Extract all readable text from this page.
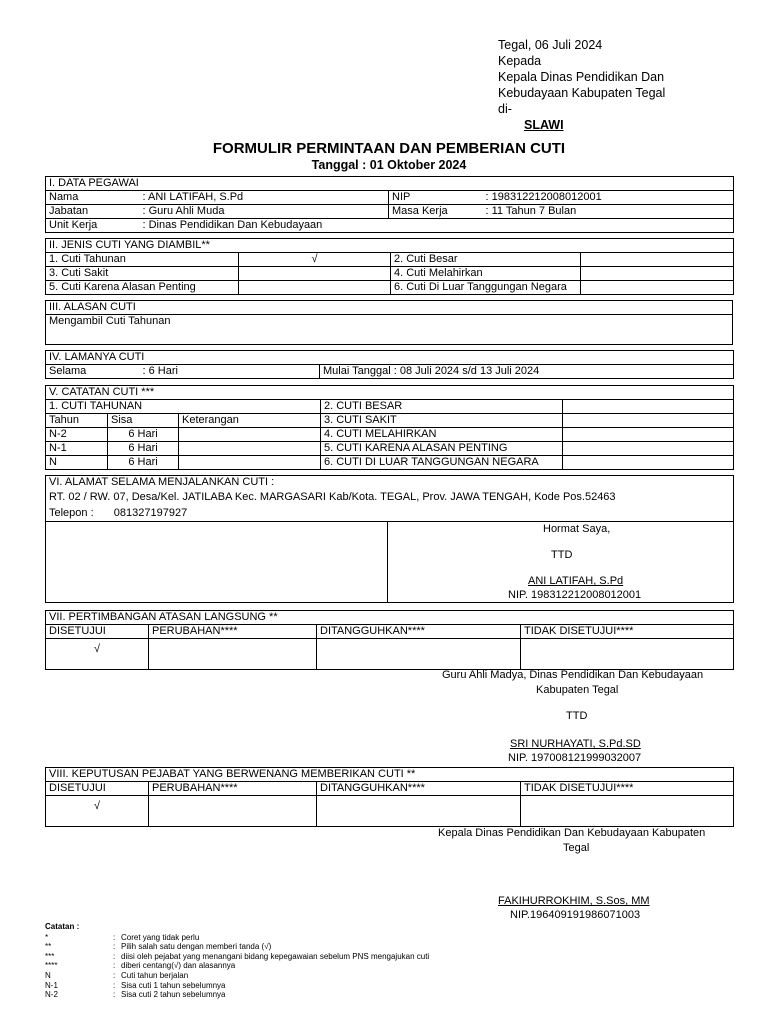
Tegal, 06 Juli 2024
Kepada
Kepala Dinas Pendidikan Dan
Kebudayaan Kabupaten Tegal
di-
SLAWI
FORMULIR PERMINTAAN DAN PEMBERIAN CUTI
Tanggal : 01 Oktober 2024
I. DATA PEGAWAI			
Nama	: ANI LATIFAH, S.Pd	NIP	: 198312212008012001
Jabatan	: Guru Ahli Muda	Masa Kerja	: 11 Tahun 7 Bulan
Unit Kerja	: Dinas Pendidikan Dan Kebudayaan		
II. JENIS CUTI YANG DIAMBIL**			
1. Cuti Tahunan	√	2. Cuti Besar	
3. Cuti Sakit		4. Cuti Melahirkan	
5. Cuti Karena Alasan Penting		6. Cuti Di Luar Tanggungan Negara	
III. ALASAN CUTI
Mengambil Cuti Tahunan
IV. LAMANYA CUTI
Selama	: 6 Hari	Mulai Tanggal : 08 Juli 2024 s/d 13 Juli 2024
V. CATATAN CUTI ***				
1. CUTI TAHUNAN			2. CUTI BESAR	
Tahun	Sisa	Keterangan	3. CUTI SAKIT	
N-2	6 Hari		4. CUTI MELAHIRKAN	
N-1	6 Hari		5. CUTI KARENA ALASAN PENTING	
N	6 Hari		6. CUTI DI LUAR TANGGUNGAN NEGARA	
VI. ALAMAT SELAMA MENJALANKAN CUTI :
RT. 02 / RW. 07, Desa/Kel. JATILABA Kec. MARGASARI Kab/Kota. TEGAL, Prov. JAWA TENGAH, Kode Pos.52463
Telepon : 081327197927

Hormat Saya,
TTD
ANI LATIFAH, S.Pd
NIP. 198312212008012001
VII. PERTIMBANGAN ATASAN LANGSUNG **			
DISETUJUI	PERUBAHAN****	DITANGGUHKAN****	TIDAK DISETUJUI****
√			
Guru Ahli Madya, Dinas Pendidikan Dan Kebudayaan
Kabupaten Tegal
TTD
SRI NURHAYATI, S.Pd.SD
NIP. 197008121999032007
VIII. KEPUTUSAN PEJABAT YANG BERWENANG MEMBERIKAN CUTI **			
DISETUJUI	PERUBAHAN****	DITANGGUHKAN****	TIDAK DISETUJUI****
√			
Kepala Dinas Pendidikan Dan Kebudayaan Kabupaten
Tegal
FAKIHURROKHIM, S.Sos, MM
NIP.196409191986071003
Catatan :
*	: Coret yang tidak perlu
**	: Pilih salah satu dengan memberi tanda (√)
***	: diisi oleh pejabat yang menangani bidang kepegawaian sebelum PNS mengajukan cuti
****	: diberi centang(√) dan alasannya
N	: Cuti tahun berjalan
N-1	: Sisa cuti 1 tahun sebelumnya
N-2	: Sisa cuti 2 tahun sebelumnya
